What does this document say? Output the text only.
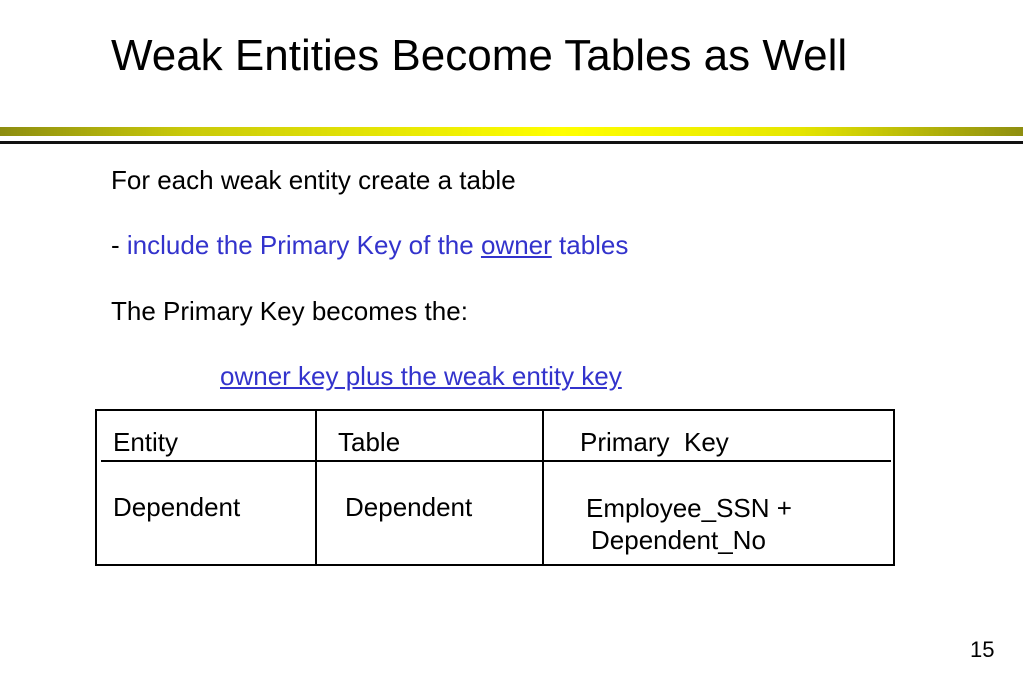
Weak Entities Become Tables as Well
For each weak entity create a table
- include the Primary Key of the owner tables
The Primary Key becomes the:
owner key plus the weak entity key
Entity	Table	Primary  Key
Dependent	Dependent	Employee_SSN +
Dependent_No
15
